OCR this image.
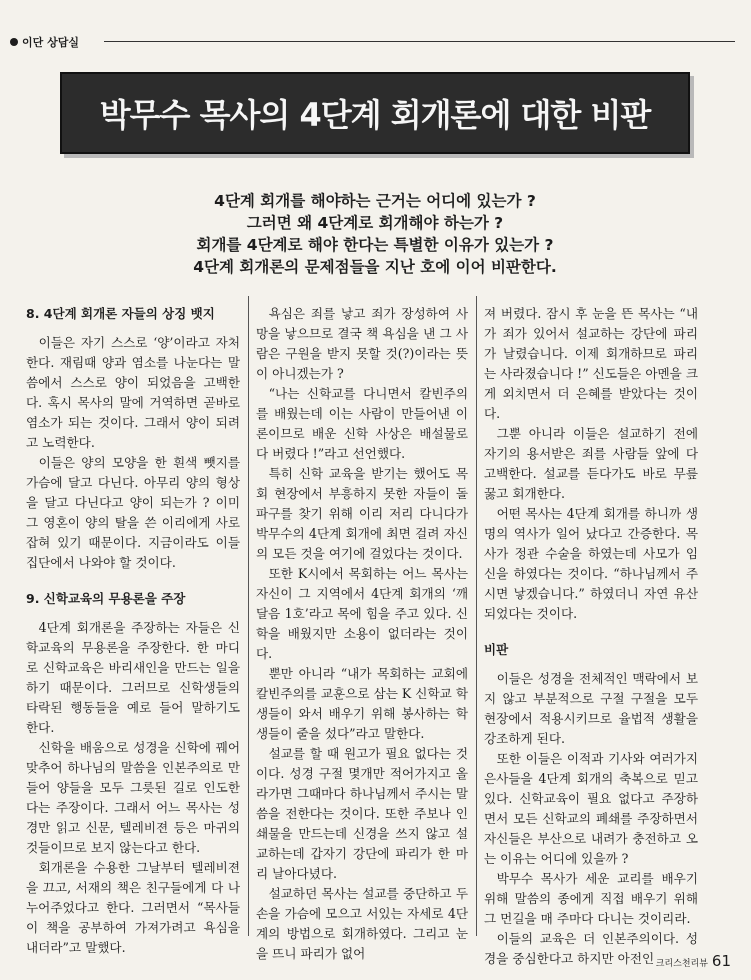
이단 상담실
박무수 목사의 4단계 회개론에 대한 비판

4단계 회개를 해야하는 근거는 어디에 있는가 ?

그러면 왜 4단계로 회개해야 하는가 ?

회개를 4단계로 해야 한다는 특별한 이유가 있는가 ?

4단계 회개론의 문제점들을 지난 호에 이어 비판한다.

8. 4단계 회개론 자들의 상징 뱃지

이들은 자기 스스로 ‘양’이라고 자처한다. 재림때 양과 염소를 나눈다는 말씀에서 스스로 양이 되었음을 고백한다. 혹시 목사의 말에 거역하면 곧바로 염소가 되는 것이다. 그래서 양이 되려고 노력한다.

이들은 양의 모양을 한 흰색 뺏지를 가슴에 달고 다닌다. 아무리 양의 형상을 달고 다닌다고 양이 되는가 ? 이미 그 영혼이 양의 탈을 쓴 이리에게 사로잡혀 있기 때문이다. 지금이라도 이들 집단에서 나와야 할 것이다.

9. 신학교육의 무용론을 주장

4단계 회개론을 주장하는 자들은 신학교육의 무용론을 주장한다. 한 마디로 신학교육은 바리새인을 만드는 일을 하기 때문이다. 그러므로 신학생들의 타락된 행동들을 예로 들어 말하기도 한다.

신학을 배움으로 성경을 신학에 꿰어 맞추어 하나님의 말씀을 인본주의로 만들어 양들을 모두 그릇된 길로 인도한다는 주장이다. 그래서 어느 목사는 성경만 읽고 신문, 텔레비젼 등은 마귀의 것들이므로 보지 않는다고 한다.

회개론을 수용한 그날부터 텔레비젼을 끄고, 서재의 책은 친구들에게 다 나누어주었다고 한다. 그러면서 “목사들이 책을 공부하여 가져가려고 욕심을 내더라”고 말했다.

욕심은 죄를 낳고 죄가 장성하여 사망을 낳으므로 결국 책 욕심을 낸 그 사람은 구원을 받지 못할 것(?)이라는 뜻이 아니겠는가 ?

“나는 신학교를 다니면서 칼빈주의를 배웠는데 이는 사람이 만들어낸 이론이므로 배운 신학 사상은 배설물로 다 버렸다 !”라고 선언했다.

특히 신학 교육을 받기는 했어도 목회 현장에서 부흥하지 못한 자들이 돌파구를 찾기 위해 이리 저리 다니다가 박무수의 4단계 회개에 최면 걸려 자신의 모든 것을 여기에 걸었다는 것이다.

또한 K시에서 목회하는 어느 목사는 자신이 그 지역에서 4단계 회개의 ‘깨달음 1호’라고 목에 힘을 주고 있다. 신학을 배웠지만 소용이 없더라는 것이다.

뿐만 아니라 “내가 목회하는 교회에 칼빈주의를 교훈으로 삼는 K 신학교 학생들이 와서 배우기 위해 봉사하는 학생들이 줄을 섰다”라고 말한다.

설교를 할 때 원고가 필요 없다는 것이다. 성경 구절 몇개만 적어가지고 올라가면 그때마다 하나님께서 주시는 말씀을 전한다는 것이다. 또한 주보나 인쇄물을 만드는데 신경을 쓰지 않고 설교하는데 갑자기 강단에 파리가 한 마리 날아다녔다.

설교하던 목사는 설교를 중단하고 두 손을 가슴에 모으고 서있는 자세로 4단계의 방법으로 회개하였다. 그리고 눈을 뜨니 파리가 없어

져 버렸다. 잠시 후 눈을 뜬 목사는 “내가 죄가 있어서 설교하는 강단에 파리가 날렸습니다. 이제 회개하므로 파리는 사라졌습니다 !” 신도들은 아멘을 크게 외치면서 더 은혜를 받았다는 것이다.

그뿐 아니라 이들은 설교하기 전에 자기의 용서받은 죄를 사람들 앞에 다 고백한다. 설교를 듣다가도 바로 무릎꿇고 회개한다.

어떤 목사는 4단계 회개를 하니까 생명의 역사가 일어 났다고 간증한다. 목사가 정관 수술을 하였는데 사모가 임신을 하였다는 것이다. “하나님께서 주시면 낳겠습니다.” 하였더니 자연 유산되었다는 것이다.

비판

이들은 성경을 전체적인 맥락에서 보지 않고 부분적으로 구절 구절을 모두 현장에서 적용시키므로 율법적 생활을 강조하게 된다.

또한 이들은 이적과 기사와 여러가지 은사들을 4단계 회개의 축복으로 믿고 있다. 신학교육이 필요 없다고 주장하면서 모든 신학교의 폐쇄를 주장하면서 자신들은 부산으로 내려가 충전하고 오는 이유는 어디에 있을까 ?

박무수 목사가 세운 교리를 배우기 위해 말씀의 종에게 직접 배우기 위해 그 먼길을 매 주마다 다니는 것이리라.

이들의 교육은 더 인본주의이다. 성경을 중심한다고 하지만 아전인 크리스천리뷰 61
